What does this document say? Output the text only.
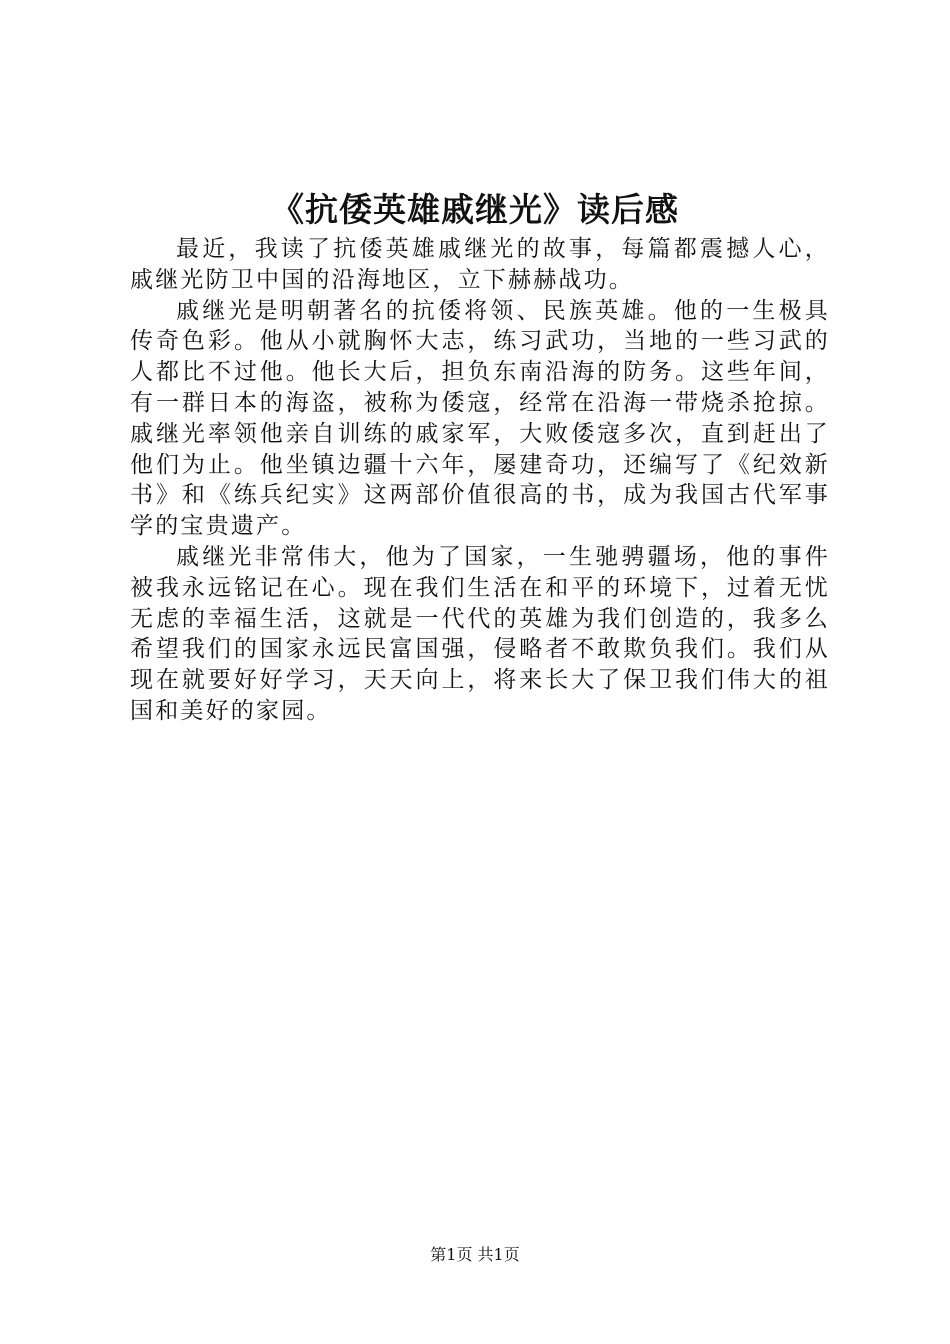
《抗倭英雄戚继光》读后感

最近，我读了抗倭英雄戚继光的故事，每篇都震撼人心，戚继光防卫中国的沿海地区，立下赫赫战功。

戚继光是明朝著名的抗倭将领、民族英雄。他的一生极具传奇色彩。他从小就胸怀大志，练习武功，当地的一些习武的人都比不过他。他长大后，担负东南沿海的防务。这些年间，有一群日本的海盗，被称为倭寇，经常在沿海一带烧杀抢掠。戚继光率领他亲自训练的戚家军，大败倭寇多次，直到赶出了他们为止。他坐镇边疆十六年，屡建奇功，还编写了《纪效新书》和《练兵纪实》这两部价值很高的书，成为我国古代军事学的宝贵遗产。

戚继光非常伟大，他为了国家，一生驰骋疆场，他的事件被我永远铭记在心。现在我们生活在和平的环境下，过着无忧无虑的幸福生活，这就是一代代的英雄为我们创造的，我多么希望我们的国家永远民富国强，侵略者不敢欺负我们。我们从现在就要好好学习，天天向上，将来长大了保卫我们伟大的祖国和美好的家园。

第1页 共1页
